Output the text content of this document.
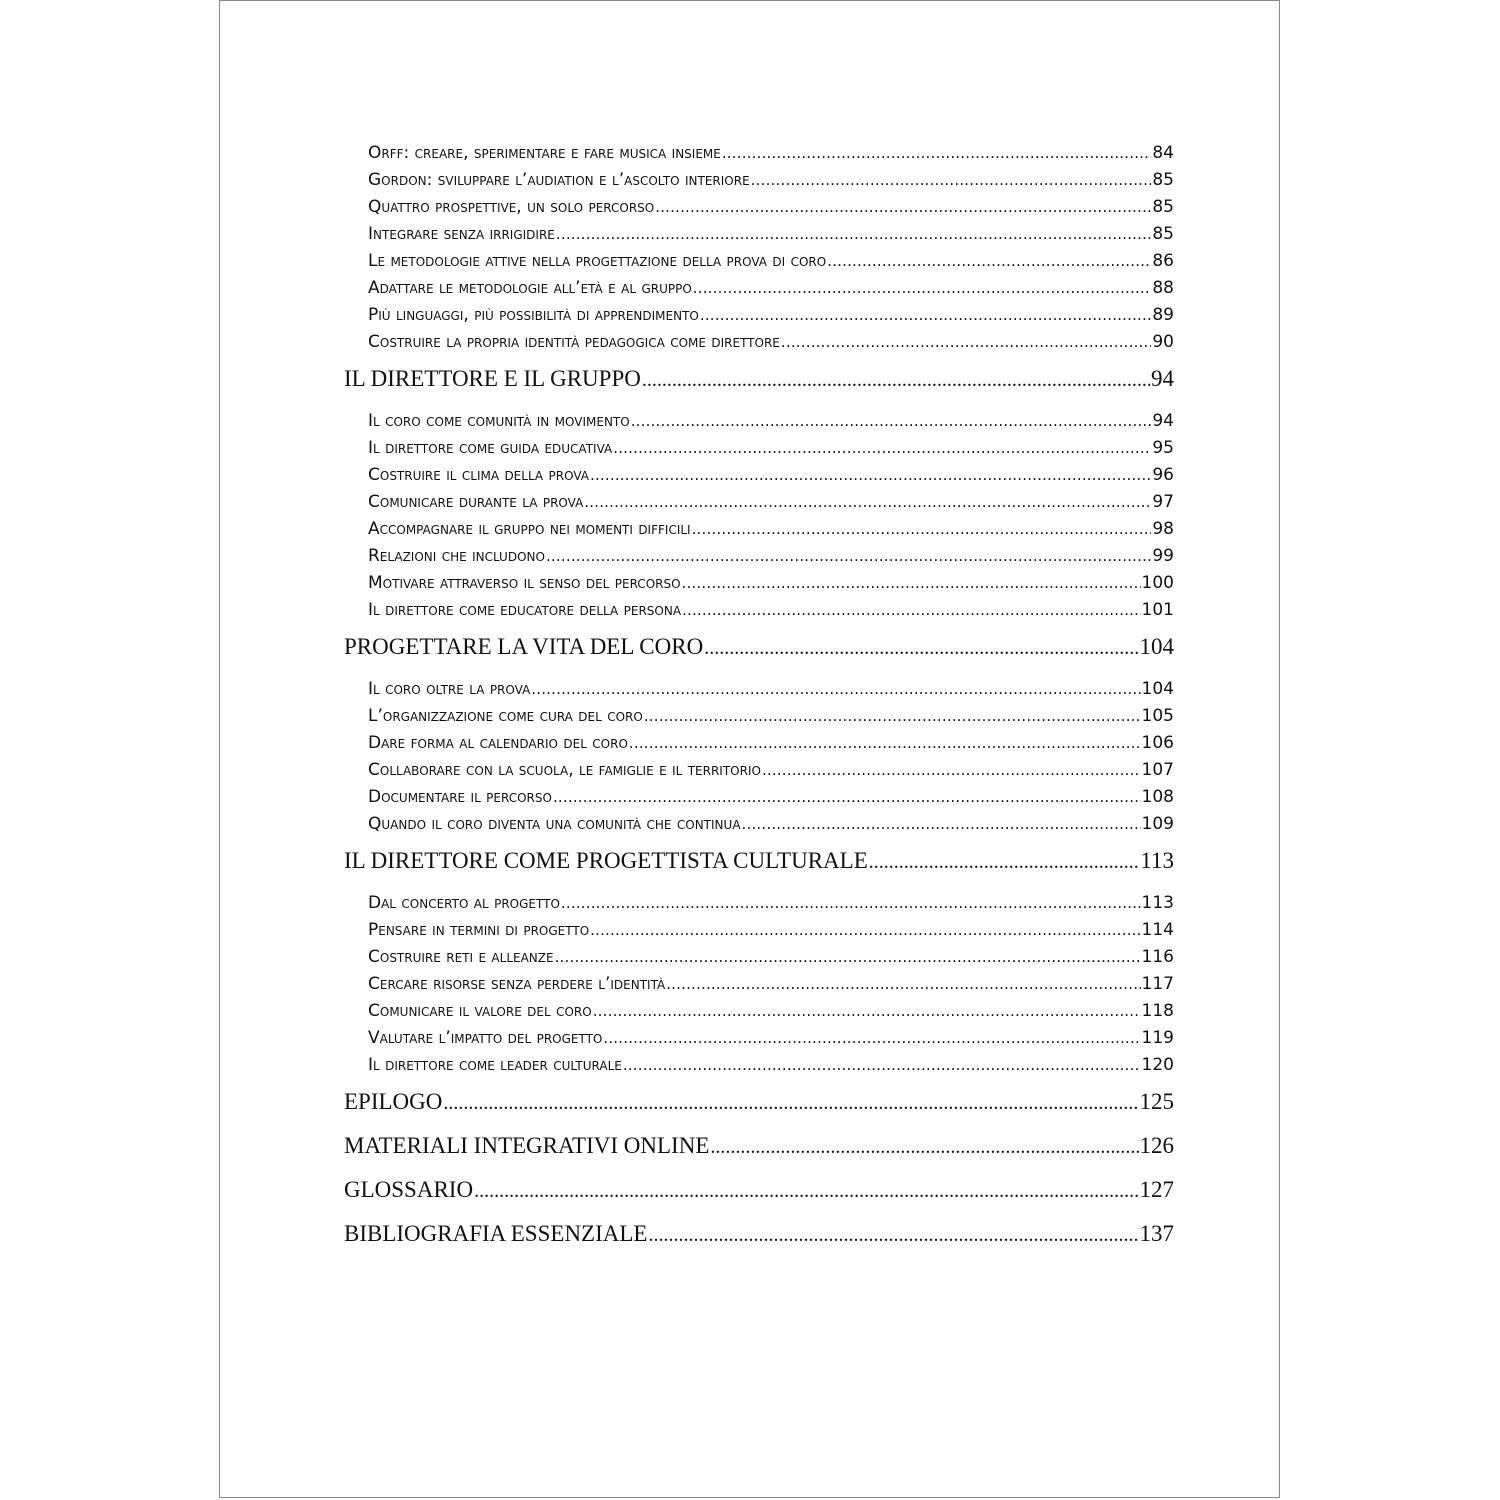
Orff: creare, sperimentare e fare musica insieme .....	84
Gordon: sviluppare l’audiation e l’ascolto interiore .....	85
Quattro prospettive, un solo percorso .....	85
Integrare senza irrigidire .....	85
Le metodologie attive nella progettazione della prova di coro .....	86
Adattare le metodologie all’età e al gruppo .....	88
Più linguaggi, più possibilità di apprendimento .....	89
Costruire la propria identità pedagogica come direttore .....	90
IL DIRETTORE E IL GRUPPO .....	94
Il coro come comunità in movimento .....	94
Il direttore come guida educativa .....	95
Costruire il clima della prova .....	96
Comunicare durante la prova .....	97
Accompagnare il gruppo nei momenti difficili .....	98
Relazioni che includono .....	99
Motivare attraverso il senso del percorso .....	100
Il direttore come educatore della persona .....	101
PROGETTARE LA VITA DEL CORO .....	104
Il coro oltre la prova .....	104
L’organizzazione come cura del coro .....	105
Dare forma al calendario del coro .....	106
Collaborare con la scuola, le famiglie e il territorio .....	107
Documentare il percorso .....	108
Quando il coro diventa una comunità che continua .....	109
IL DIRETTORE COME PROGETTISTA CULTURALE .....	113
Dal concerto al progetto .....	113
Pensare in termini di progetto .....	114
Costruire reti e alleanze .....	116
Cercare risorse senza perdere l’identità .....	117
Comunicare il valore del coro .....	118
Valutare l’impatto del progetto .....	119
Il direttore come leader culturale .....	120
EPILOGO .....	125
MATERIALI INTEGRATIVI ONLINE .....	126
GLOSSARIO .....	127
BIBLIOGRAFIA ESSENZIALE .....	137
